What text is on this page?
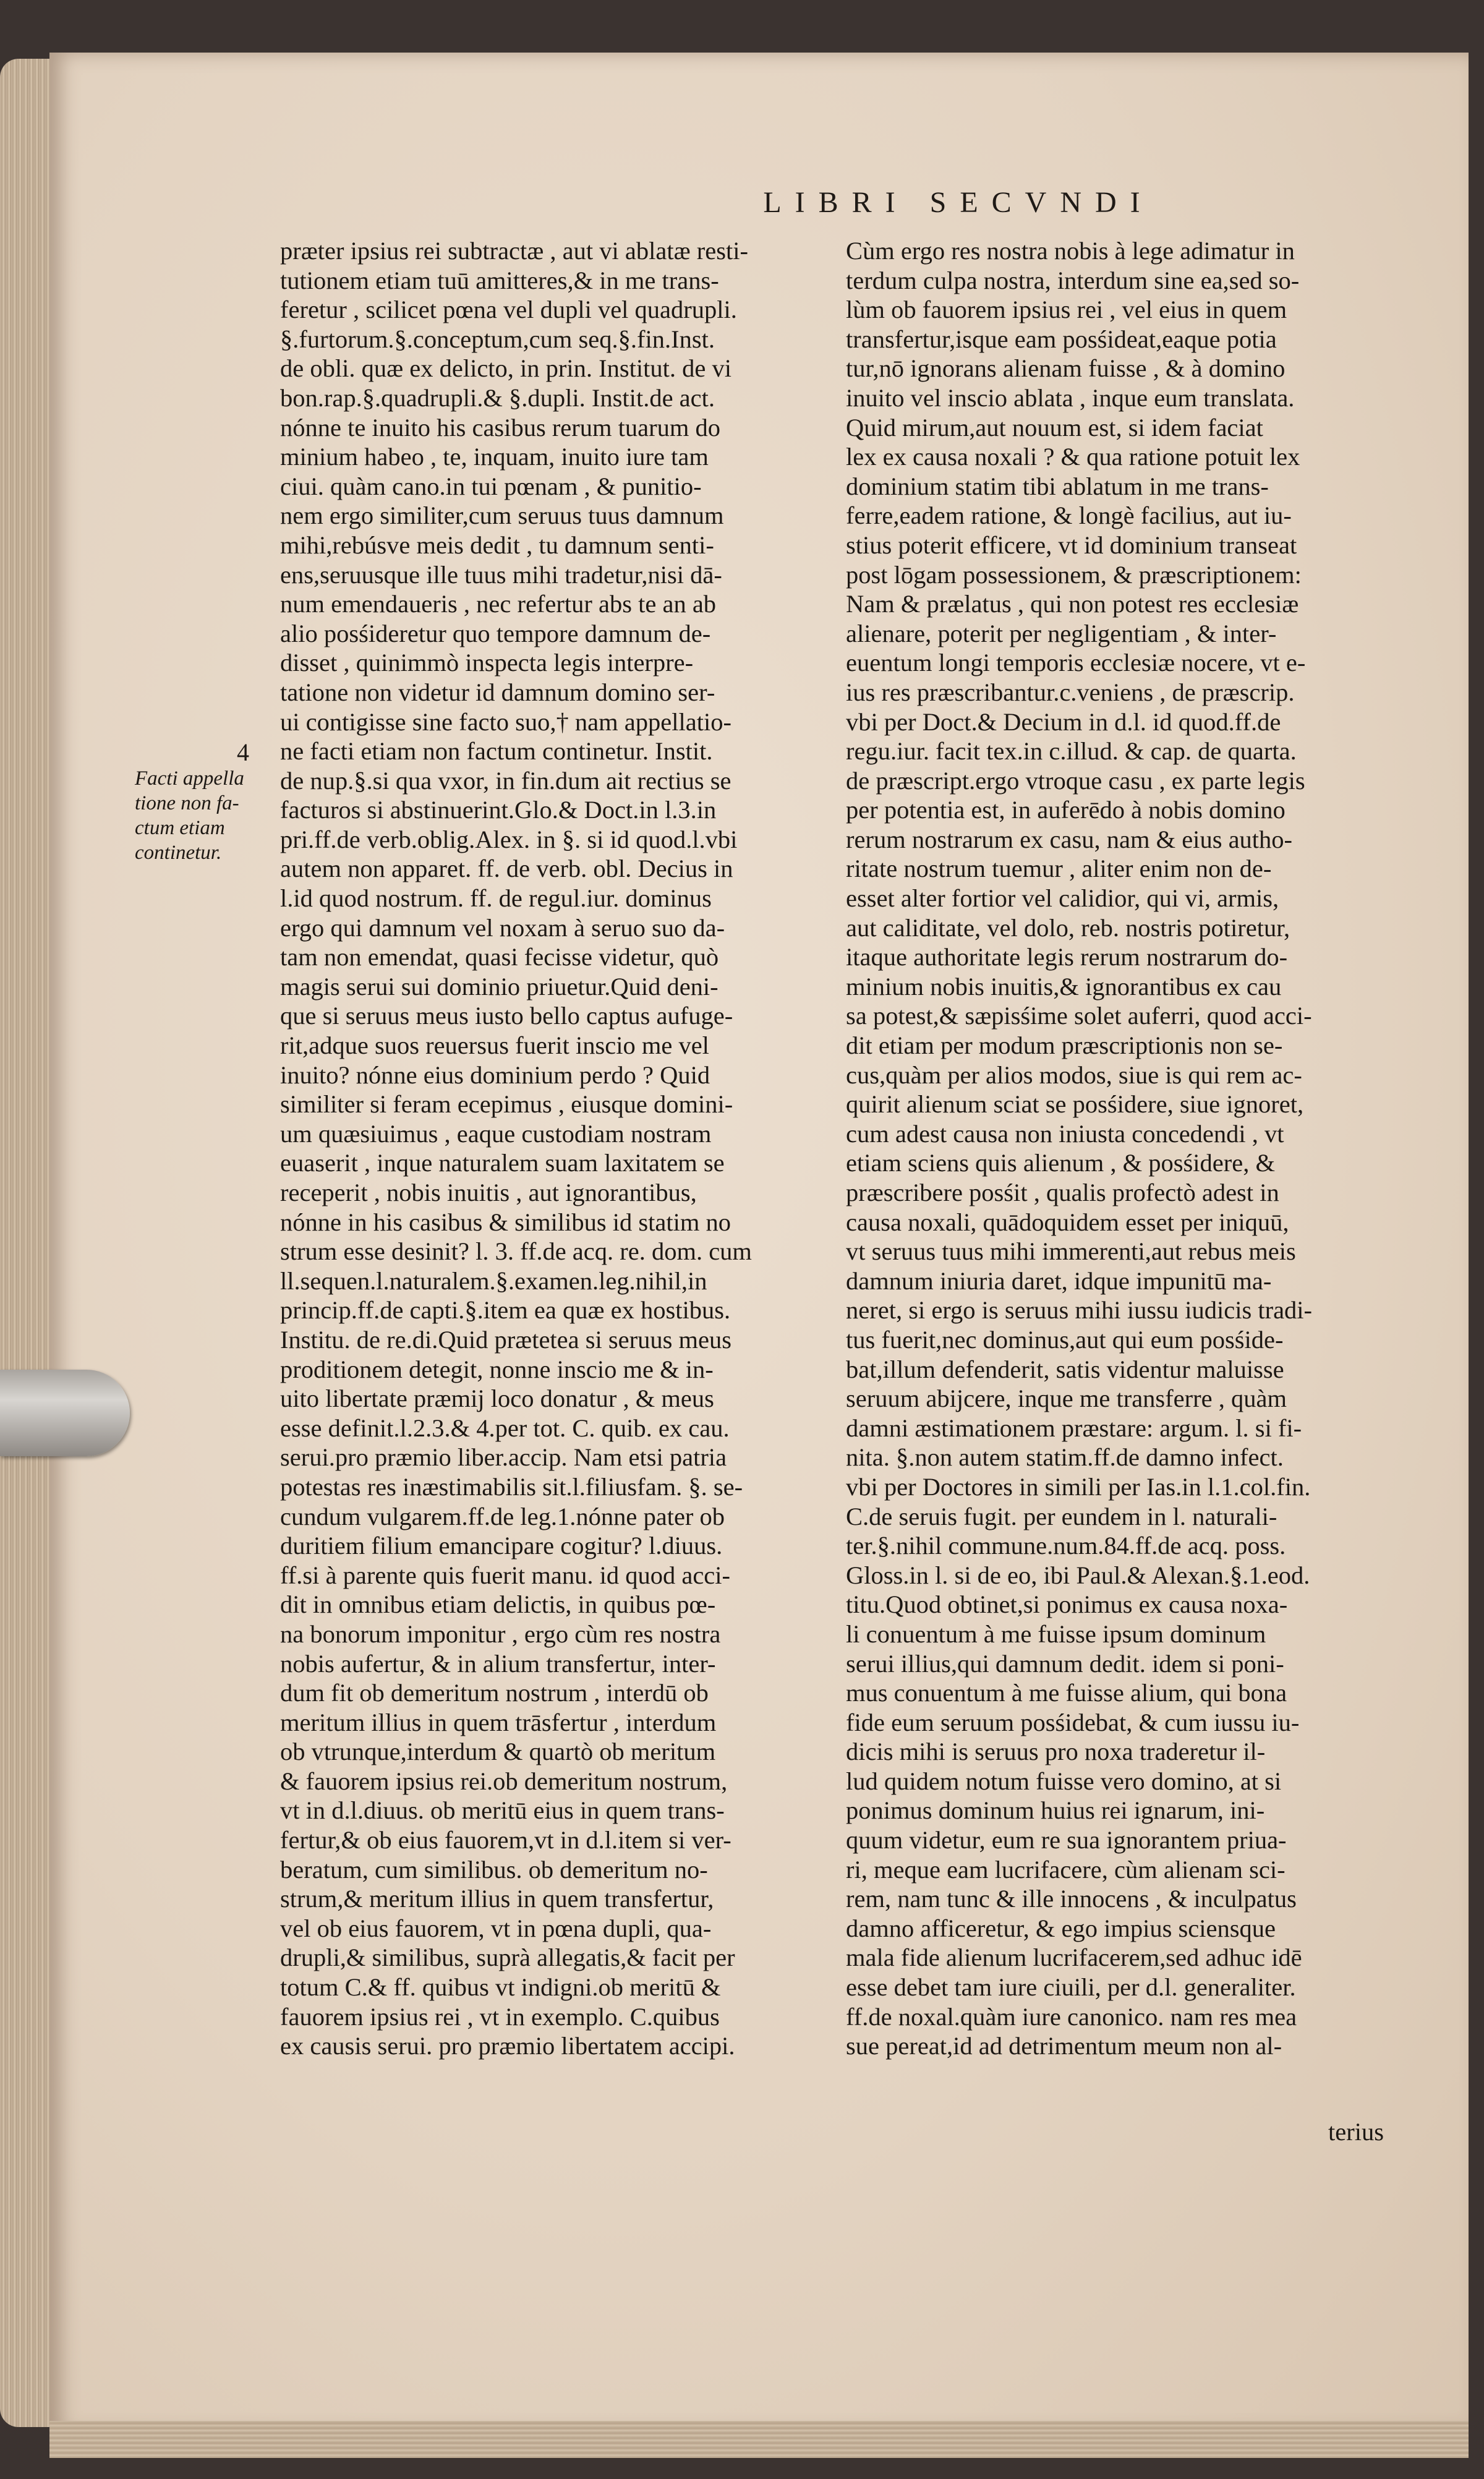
LIBRI SECVNDI
4
Facti appella
tione non fa-
ctum etiam
continetur.
præter ipsius rei subtractæ , aut vi ablatæ resti-
tutionem etiam tuū amitteres,& in me trans-
feretur , scilicet pœna vel dupli vel quadrupli.
§.furtorum.§.conceptum,cum seq.§.fin.Inst.
de obli. quæ ex delicto, in prin. Institut. de vi
bon.rap.§.quadrupli.& §.dupli. Instit.de act.
nónne te inuito his casibus rerum tuarum do
minium habeo , te, inquam, inuito iure tam
ciui. quàm cano.in tui pœnam , & punitio-
nem ergo similiter,cum seruus tuus damnum
mihi,rebúsve meis dedit , tu damnum senti-
ens,seruusque ille tuus mihi tradetur,nisi dā-
num emendaueris , nec refertur abs te an ab
alio posśideretur quo tempore damnum de-
disset , quinimmò inspecta legis interpre-
tatione non videtur id damnum domino ser-
ui contigisse sine facto suo,† nam appellatio-
ne facti etiam non factum continetur. Instit.
de nup.§.si qua vxor, in fin.dum ait rectius se
facturos si abstinuerint.Glo.& Doct.in l.3.in
pri.ff.de verb.oblig.Alex. in §. si id quod.l.vbi
autem non apparet. ff. de verb. obl. Decius in
l.id quod nostrum. ff. de regul.iur. dominus
ergo qui damnum vel noxam à seruo suo da-
tam non emendat, quasi fecisse videtur, quò
magis serui sui dominio priuetur.Quid deni-
que si seruus meus iusto bello captus aufuge-
rit,adque suos reuersus fuerit inscio me vel
inuito? nónne eius dominium perdo ? Quid
similiter si feram ecepimus , eiusque domini-
um quæsiuimus , eaque custodiam nostram
euaserit , inque naturalem suam laxitatem se
receperit , nobis inuitis , aut ignorantibus,
nónne in his casibus & similibus id statim no
strum esse desinit? l. 3. ff.de acq. re. dom. cum
ll.sequen.l.naturalem.§.examen.leg.nihil,in
princip.ff.de capti.§.item ea quæ ex hostibus.
Institu. de re.di.Quid prætetea si seruus meus
proditionem detegit, nonne inscio me & in-
uito libertate præmij loco donatur , & meus
esse definit.l.2.3.& 4.per tot. C. quib. ex cau.
serui.pro præmio liber.accip. Nam etsi patria
potestas res inæstimabilis sit.l.filiusfam. §. se-
cundum vulgarem.ff.de leg.1.nónne pater ob
duritiem filium emancipare cogitur? l.diuus.
ff.si à parente quis fuerit manu. id quod acci-
dit in omnibus etiam delictis, in quibus pœ-
na bonorum imponitur , ergo cùm res nostra
nobis aufertur, & in alium transfertur, inter-
dum fit ob demeritum nostrum , interdū ob
meritum illius in quem trāsfertur , interdum
ob vtrunque,interdum & quartò ob meritum
& fauorem ipsius rei.ob demeritum nostrum,
vt in d.l.diuus. ob meritū eius in quem trans-
fertur,& ob eius fauorem,vt in d.l.item si ver-
beratum, cum similibus. ob demeritum no-
strum,& meritum illius in quem transfertur,
vel ob eius fauorem, vt in pœna dupli, qua-
drupli,& similibus, suprà allegatis,& facit per
totum C.& ff. quibus vt indigni.ob meritū &
fauorem ipsius rei , vt in exemplo. C.quibus
ex causis serui. pro præmio libertatem accipi.
Cùm ergo res nostra nobis à lege adimatur in
terdum culpa nostra, interdum sine ea,sed so-
lùm ob fauorem ipsius rei , vel eius in quem
transfertur,isque eam posśideat,eaque potia
tur,nō ignorans alienam fuisse , & à domino
inuito vel inscio ablata , inque eum translata.
Quid mirum,aut nouum est, si idem faciat
lex ex causa noxali ? & qua ratione potuit lex
dominium statim tibi ablatum in me trans-
ferre,eadem ratione, & longè facilius, aut iu-
stius poterit efficere, vt id dominium transeat
post lōgam possessionem, & præscriptionem:
Nam & prælatus , qui non potest res ecclesiæ
alienare, poterit per negligentiam , & inter-
euentum longi temporis ecclesiæ nocere, vt e-
ius res præscribantur.c.veniens , de præscrip.
vbi per Doct.& Decium in d.l. id quod.ff.de
regu.iur. facit tex.in c.illud. & cap. de quarta.
de præscript.ergo vtroque casu , ex parte legis
per potentia est, in auferēdo à nobis domino
rerum nostrarum ex casu, nam & eius autho-
ritate nostrum tuemur , aliter enim non de-
esset alter fortior vel calidior, qui vi, armis,
aut caliditate, vel dolo, reb. nostris potiretur,
itaque authoritate legis rerum nostrarum do-
minium nobis inuitis,& ignorantibus ex cau
sa potest,& sæpisśime solet auferri, quod acci-
dit etiam per modum præscriptionis non se-
cus,quàm per alios modos, siue is qui rem ac-
quirit alienum sciat se posśidere, siue ignoret,
cum adest causa non iniusta concedendi , vt
etiam sciens quis alienum , & posśidere, &
præscribere posśit , qualis profectò adest in
causa noxali, quādoquidem esset per iniquū,
vt seruus tuus mihi immerenti,aut rebus meis
damnum iniuria daret, idque impunitū ma-
neret, si ergo is seruus mihi iussu iudicis tradi-
tus fuerit,nec dominus,aut qui eum posśide-
bat,illum defenderit, satis videntur maluisse
seruum abijcere, inque me transferre , quàm
damni æstimationem præstare: argum. l. si fi-
nita. §.non autem statim.ff.de damno infect.
vbi per Doctores in simili per Ias.in l.1.col.fin.
C.de seruis fugit. per eundem in l. naturali-
ter.§.nihil commune.num.84.ff.de acq. poss.
Gloss.in l. si de eo, ibi Paul.& Alexan.§.1.eod.
titu.Quod obtinet,si ponimus ex causa noxa-
li conuentum à me fuisse ipsum dominum
serui illius,qui damnum dedit. idem si poni-
mus conuentum à me fuisse alium, qui bona
fide eum seruum posśidebat, & cum iussu iu-
dicis mihi is seruus pro noxa traderetur il-
lud quidem notum fuisse vero domino, at si
ponimus dominum huius rei ignarum, ini-
quum videtur, eum re sua ignorantem priua-
ri, meque eam lucrifacere, cùm alienam sci-
rem, nam tunc & ille innocens , & inculpatus
damno afficeretur, & ego impius sciensque
mala fide alienum lucrifacerem,sed adhuc idē
esse debet tam iure ciuili, per d.l. generaliter.
ff.de noxal.quàm iure canonico. nam res mea
sue pereat,id ad detrimentum meum non al-
terius
